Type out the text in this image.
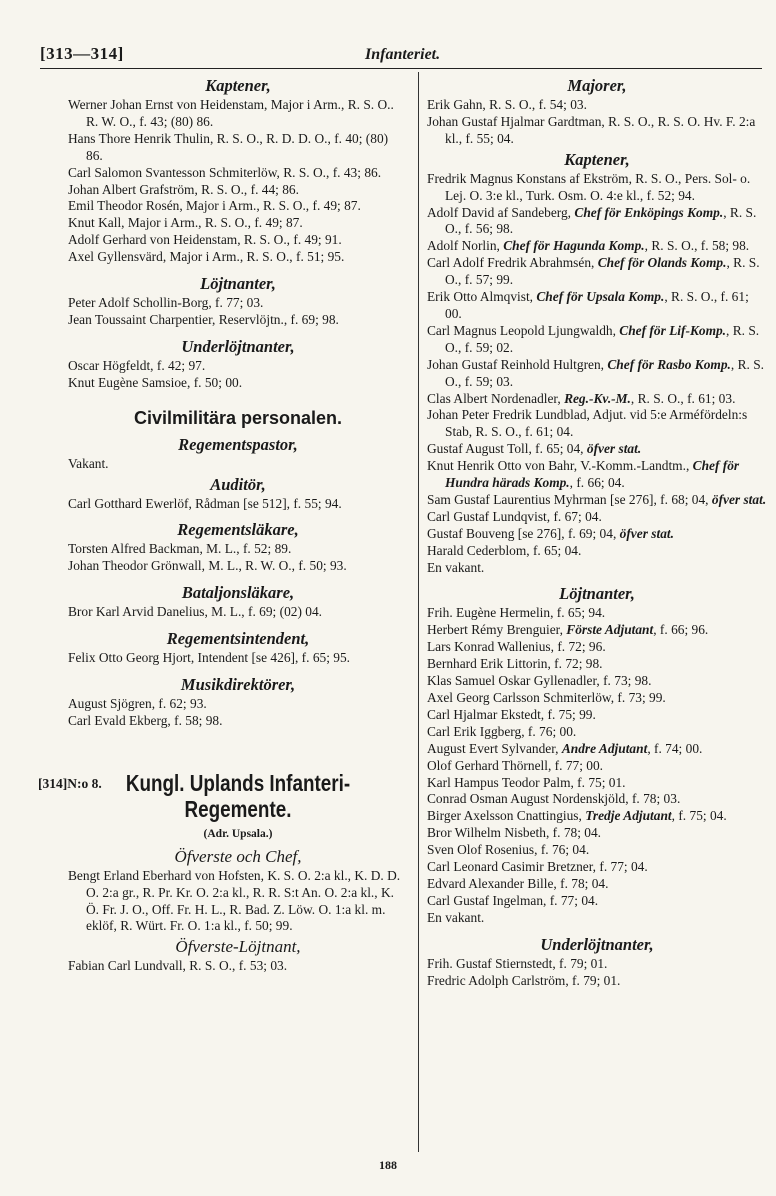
[313—314]	Infanteriet.
Kaptener,
Werner Johan Ernst von Heidenstam, Major i Arm., R. S. O.. R. W. O., f. 43; (80) 86.
Hans Thore Henrik Thulin, R. S. O., R. D. D. O., f. 40; (80) 86.
Carl Salomon Svantesson Schmiterlöw, R. S. O., f. 43; 86.
Johan Albert Grafström, R. S. O., f. 44; 86.
Emil Theodor Rosén, Major i Arm., R. S. O., f. 49; 87.
Knut Kall, Major i Arm., R. S. O., f. 49; 87.
Adolf Gerhard von Heidenstam, R. S. O., f. 49; 91.
Axel Gyllensvärd, Major i Arm., R. S. O., f. 51; 95.
Löjtnanter,
Peter Adolf Schollin-Borg, f. 77; 03.
Jean Toussaint Charpentier, Reservlöjtn., f. 69; 98.
Underlöjtnanter,
Oscar Högfeldt, f. 42; 97.
Knut Eugène Samsioe, f. 50; 00.
Civilmilitära personalen.
Regementspastor,
Vakant.
Auditör,
Carl Gotthard Ewerlöf, Rådman [se 512], f. 55; 94.
Regementsläkare,
Torsten Alfred Backman, M. L., f. 52; 89.
Johan Theodor Grönwall, M. L., R. W. O., f. 50; 93.
Bataljonsläkare,
Bror Karl Arvid Danelius, M. L., f. 69; (02) 04.
Regementsintendent,
Felix Otto Georg Hjort, Intendent [se 426], f. 65; 95.
Musikdirektörer,
August Sjögren, f. 62; 93.
Carl Evald Ekberg, f. 58; 98.
[314]N:o 8.	Kungl. Uplands Infanteri-
Regemente.
(Adr. Upsala.)
Öfverste och Chef,
Bengt Erland Eberhard von Hofsten, K. S. O. 2:a kl., K. D. D. O. 2:a gr., R. Pr. Kr. O. 2:a kl., R. R. S:t An. O. 2:a kl., K. Ö. Fr. J. O., Off. Fr. H. L., R. Bad. Z. Löw. O. 1:a kl. m. eklöf, R. Würt. Fr. O. 1:a kl., f. 50; 99.
Öfverste-Löjtnant,
Fabian Carl Lundvall, R. S. O., f. 53; 03.
Majorer,
Erik Gahn, R. S. O., f. 54; 03.
Johan Gustaf Hjalmar Gardtman, R. S. O., R. S. O. Hv. F. 2:a kl., f. 55; 04.
Kaptener,
Fredrik Magnus Konstans af Ekström, R. S. O., Pers. Sol- o. Lej. O. 3:e kl., Turk. Osm. O. 4:e kl., f. 52; 94.
Adolf David af Sandeberg, Chef för Enköpings Komp., R. S. O., f. 56; 98.
Adolf Norlin, Chef för Hagunda Komp., R. S. O., f. 58; 98.
Carl Adolf Fredrik Abrahmsén, Chef för Olands Komp., R. S. O., f. 57; 99.
Erik Otto Almqvist, Chef för Upsala Komp., R. S. O., f. 61; 00.
Carl Magnus Leopold Ljungwaldh, Chef för Lif-Komp., R. S. O., f. 59; 02.
Johan Gustaf Reinhold Hultgren, Chef för Rasbo Komp., R. S. O., f. 59; 03.
Clas Albert Nordenadler, Reg.-Kv.-M., R. S. O., f. 61; 03.
Johan Peter Fredrik Lundblad, Adjut. vid 5:e Arméfördeln:s Stab, R. S. O., f. 61; 04.
Gustaf August Toll, f. 65; 04, öfver stat.
Knut Henrik Otto von Bahr, V.-Komm.-Landtm., Chef för Hundra härads Komp., f. 66; 04.
Sam Gustaf Laurentius Myhrman [se 276], f. 68; 04, öfver stat.
Carl Gustaf Lundqvist, f. 67; 04.
Gustaf Bouveng [se 276], f. 69; 04, öfver stat.
Harald Cederblom, f. 65; 04.
En vakant.
Löjtnanter,
Frih. Eugène Hermelin, f. 65; 94.
Herbert Rémy Brenguier, Förste Adjutant, f. 66; 96.
Lars Konrad Wallenius, f. 72; 96.
Bernhard Erik Littorin, f. 72; 98.
Klas Samuel Oskar Gyllenadler, f. 73; 98.
Axel Georg Carlsson Schmiterlöw, f. 73; 99.
Carl Hjalmar Ekstedt, f. 75; 99.
Carl Erik Iggberg, f. 76; 00.
August Evert Sylvander, Andre Adjutant, f. 74; 00.
Olof Gerhard Thörnell, f. 77; 00.
Karl Hampus Teodor Palm, f. 75; 01.
Conrad Osman August Nordenskjöld, f. 78; 03.
Birger Axelsson Cnattingius, Tredje Adjutant, f. 75; 04.
Bror Wilhelm Nisbeth, f. 78; 04.
Sven Olof Rosenius, f. 76; 04.
Carl Leonard Casimir Bretzner, f. 77; 04.
Edvard Alexander Bille, f. 78; 04.
Carl Gustaf Ingelman, f. 77; 04.
En vakant.
Underlöjtnanter,
Frih. Gustaf Stiernstedt, f. 79; 01.
Fredric Adolph Carlström, f. 79; 01.
188
